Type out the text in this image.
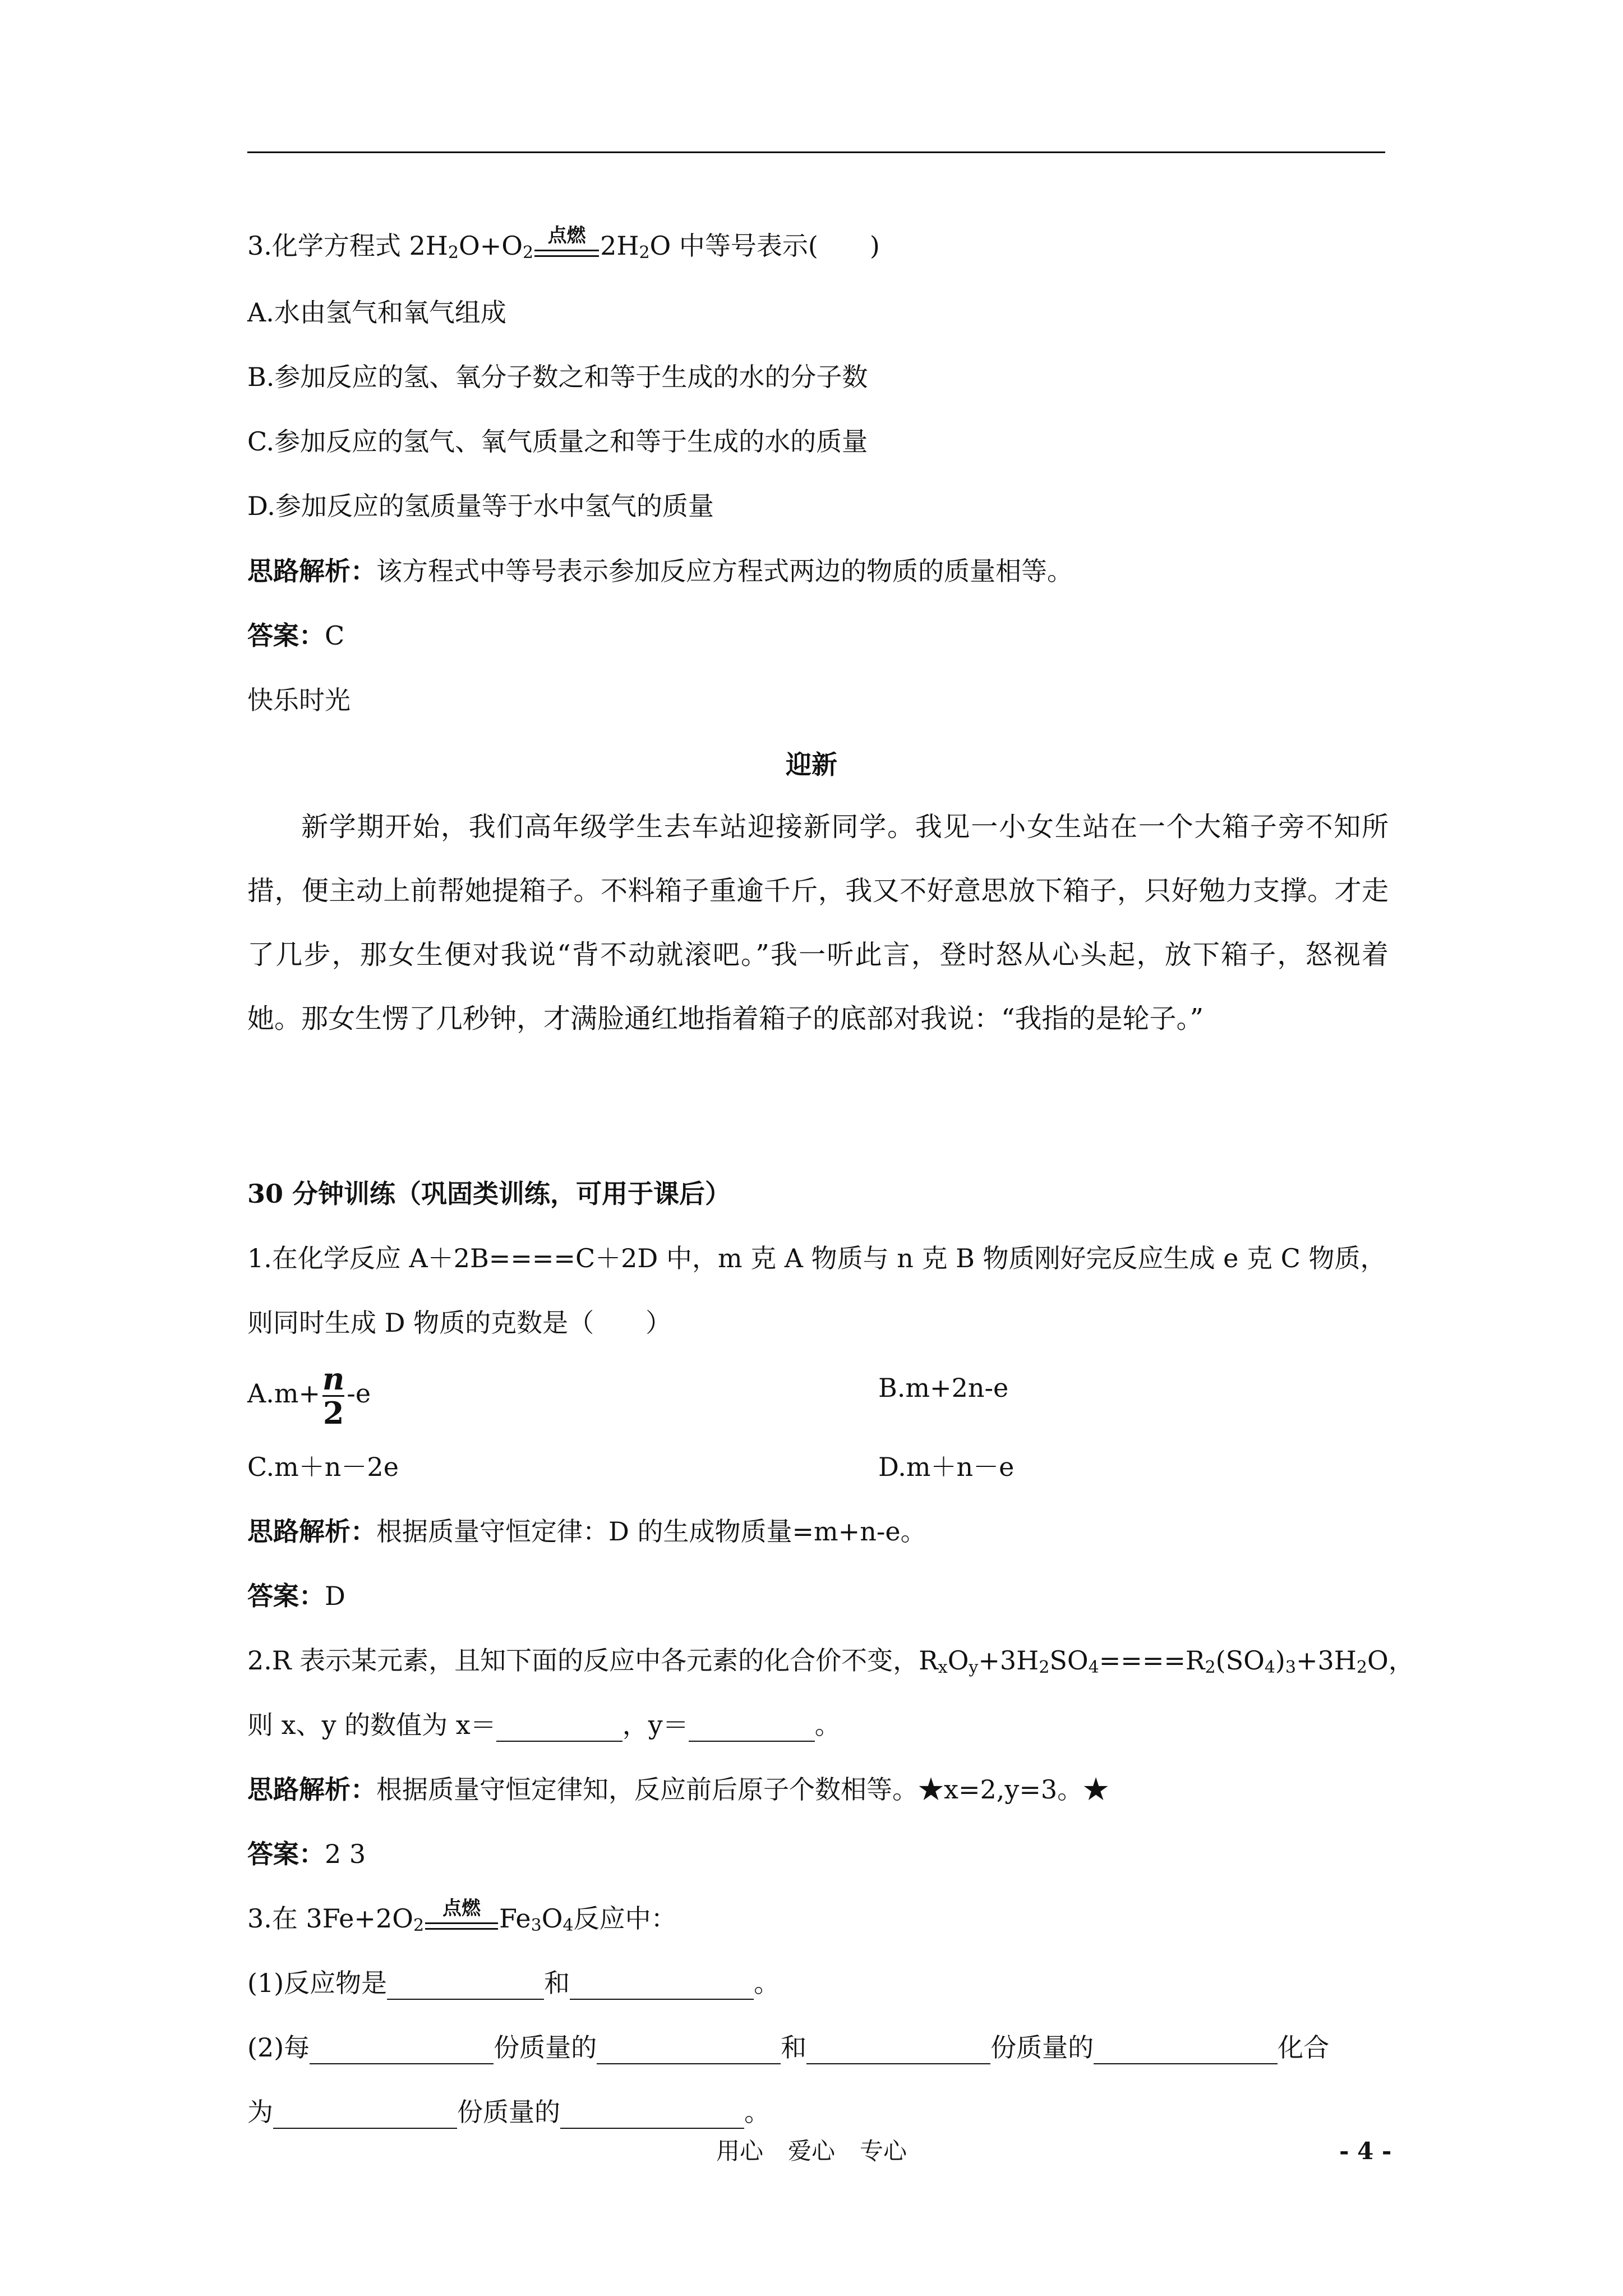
3.化学方程式 $2H_2O+O_2$
点燃 $2H_2O$ 中等号表示(　　)
A.水由氢气和氧气组成
B.参加反应的氢、氧分子数之和等于生成的水的分子数
C.参加反应的氢气、氧气质量之和等于生成的水的质量
D.参加反应的氢质量等于水中氢气的质量
思路解析：该方程式中等号表示参加反应方程式两边的物质的质量相等。
答案：C
快乐时光
迎新
新学期开始，我们高年级学生去车站迎接新同学。我见一小女生站在一个大箱子旁不知所措，便主动上前帮她提箱子。不料箱子重逾千斤，我又不好意思放下箱子，只好勉力支撑。才走了几步，那女生便对我说“背不动就滚吧。”我一听此言，登时怒从心头起，放下箱子，怒视着她。那女生愣了几秒钟，才满脸通红地指着箱子的底部对我说：“我指的是轮子。”
30 分钟训练（巩固类训练，可用于课后）
1.在化学反应 A＋2B====C＋2D 中，m 克 A 物质与 n 克 B 物质刚好完反应生成 e 克 C 物质，
则同时生成 D 物质的克数是（　　）
$A.m+\frac{n}{2} -e$	B.m+2n-e
C.m＋n－2e	D.m＋n－e
思路解析：根据质量守恒定律：D 的生成物质量=m+n-e。
答案：D
2.R 表示某元素，且知下面的反应中各元素的化合价不变，$R_xO_y+3H_2SO_4====R_2(SO_4)_3+3H_2O$，
则 x、y 的数值为 x＝	，y＝	。
思路解析：根据质量守恒定律知，反应前后原子个数相等。★x=2,y=3。★
答案：2 3
3.在 $3Fe+2O_2$
点燃 $Fe_3O_4$反应中：
(1)反应物是	和	。
(2)每	份质量的	和	份质量的	化合
为	份质量的	。
用心 爱心 专心	- 4 -
